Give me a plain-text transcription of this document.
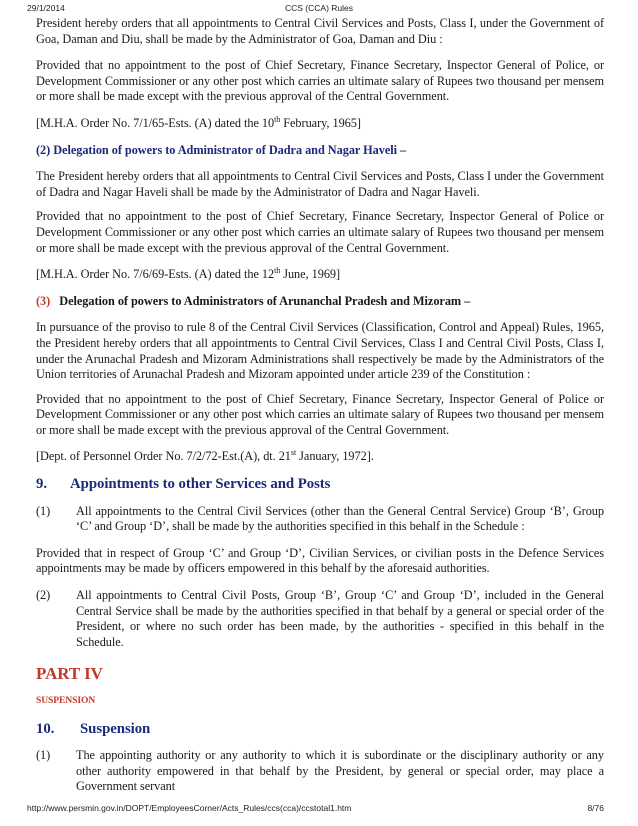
29/1/2014	CCS (CCA) Rules

President hereby orders that all appointments to Central Civil Services and Posts, Class I, under the Government of Goa, Daman and Diu, shall be made by the Administrator of Goa, Daman and Diu :

Provided that no appointment to the post of Chief Secretary, Finance Secretary, Inspector General of Police, or Development Commissioner or any other post which carries an ultimate salary of Rupees two thousand per mensem or more shall be made except with the previous approval of the Central Government.

[M.H.A. Order No. 7/1/65-Ests. (A) dated the 10th February, 1965]

(2) Delegation of powers to Administrator of Dadra and Nagar Haveli –

The President hereby orders that all appointments to Central Civil Services and Posts, Class I under the Government of Dadra and Nagar Haveli shall be made by the Administrator of Dadra and Nagar Haveli.

Provided that no appointment to the post of Chief Secretary, Finance Secretary, Inspector General of Police or Development Commissioner or any other post which carries an ultimate salary of Rupees two thousand per mensem or more shall be made except with the previous approval of the Central Government.

[M.H.A. Order No. 7/6/69-Ests. (A) dated the 12th June, 1969]

(3) Delegation of powers to Administrators of Arunanchal Pradesh and Mizoram –

In pursuance of the proviso to rule 8 of the Central Civil Services (Classification, Control and Appeal) Rules, 1965, the President hereby orders that all appointments to Central Civil Services, Class I and Central Civil Posts, Class I, under the Arunachal Pradesh and Mizoram Administrations shall respectively be made by the Administrators of the Union territories of Arunachal Pradesh and Mizoram appointed under article 239 of the Constitution :

Provided that no appointment to the post of Chief Secretary, Finance Secretary, Inspector General of Police or Development Commissioner or any other post which carries an ultimate salary of Rupees two thousand per mensem or more shall be made except with the previous approval of the Central Government.

[Dept. of Personnel Order No. 7/2/72-Est.(A), dt. 21st January, 1972].

9. Appointments to other Services and Posts

(1) All appointments to the Central Civil Services (other than the General Central Service) Group ‘B’, Group ‘C’ and Group ‘D’, shall be made by the authorities specified in this behalf in the Schedule :

Provided that in respect of Group ‘C’ and Group ‘D’, Civilian Services, or civilian posts in the Defence Services appointments may be made by officers empowered in this behalf by the aforesaid authorities.

(2) All appointments to Central Civil Posts, Group ‘B’, Group ‘C’ and Group ‘D’, included in the General Central Service shall be made by the authorities specified in that behalf by a general or special order of the President, or where no such order has been made, by the authorities - specified in this behalf in the Schedule.

PART IV

SUSPENSION

10. Suspension

(1) The appointing authority or any authority to which it is subordinate or the disciplinary authority or any other authority empowered in that behalf by the President, by general or special order, may place a Government servant

http://www.persmin.gov.in/DOPT/EmployeesCorner/Acts_Rules/ccs(cca)/ccstotal1.htm	8/76
